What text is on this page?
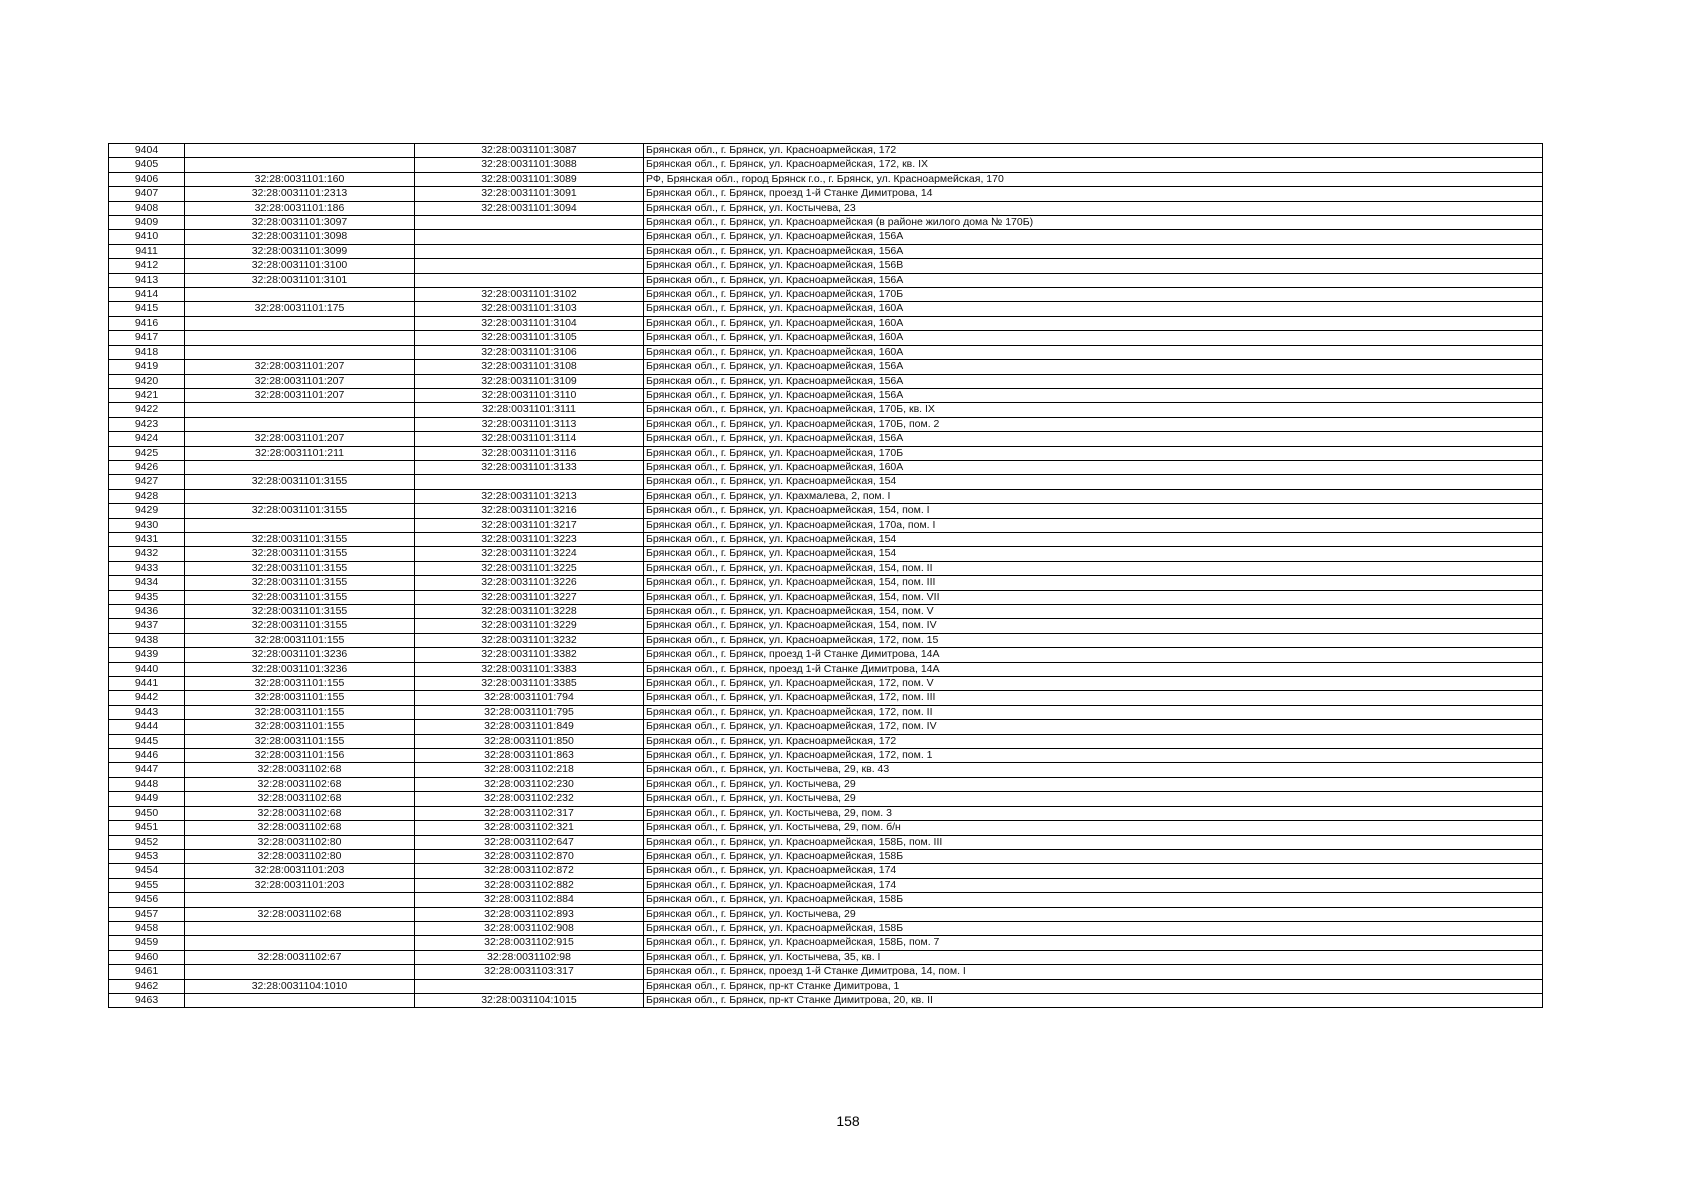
9404		32:28:0031101:3087	Брянская обл., г. Брянск, ул. Красноармейская, 172
9405		32:28:0031101:3088	Брянская обл., г. Брянск, ул. Красноармейская, 172, кв. IX
9406	32:28:0031101:160	32:28:0031101:3089	РФ, Брянская обл., город Брянск г.о., г. Брянск, ул. Красноармейская, 170
9407	32:28:0031101:2313	32:28:0031101:3091	Брянская обл., г. Брянск, проезд 1-й Станке Димитрова, 14
9408	32:28:0031101:186	32:28:0031101:3094	Брянская обл., г. Брянск, ул. Костычева, 23
9409	32:28:0031101:3097		Брянская обл., г. Брянск, ул. Красноармейская (в районе жилого дома № 170Б)
9410	32:28:0031101:3098		Брянская обл., г. Брянск, ул. Красноармейская, 156А
9411	32:28:0031101:3099		Брянская обл., г. Брянск, ул. Красноармейская, 156А
9412	32:28:0031101:3100		Брянская обл., г. Брянск, ул. Красноармейская, 156В
9413	32:28:0031101:3101		Брянская обл., г. Брянск, ул. Красноармейская, 156А
9414		32:28:0031101:3102	Брянская обл., г. Брянск, ул. Красноармейская, 170Б
9415	32:28:0031101:175	32:28:0031101:3103	Брянская обл., г. Брянск, ул. Красноармейская, 160А
9416		32:28:0031101:3104	Брянская обл., г. Брянск, ул. Красноармейская, 160А
9417		32:28:0031101:3105	Брянская обл., г. Брянск, ул. Красноармейская, 160А
9418		32:28:0031101:3106	Брянская обл., г. Брянск, ул. Красноармейская, 160А
9419	32:28:0031101:207	32:28:0031101:3108	Брянская обл., г. Брянск, ул. Красноармейская, 156А
9420	32:28:0031101:207	32:28:0031101:3109	Брянская обл., г. Брянск, ул. Красноармейская, 156А
9421	32:28:0031101:207	32:28:0031101:3110	Брянская обл., г. Брянск, ул. Красноармейская, 156А
9422		32:28:0031101:3111	Брянская обл., г. Брянск, ул. Красноармейская, 170Б, кв. IX
9423		32:28:0031101:3113	Брянская обл., г. Брянск, ул. Красноармейская, 170Б, пом. 2
9424	32:28:0031101:207	32:28:0031101:3114	Брянская обл., г. Брянск, ул. Красноармейская, 156А
9425	32:28:0031101:211	32:28:0031101:3116	Брянская обл., г. Брянск, ул. Красноармейская, 170Б
9426		32:28:0031101:3133	Брянская обл., г. Брянск, ул. Красноармейская, 160А
9427	32:28:0031101:3155		Брянская обл., г. Брянск, ул. Красноармейская, 154
9428		32:28:0031101:3213	Брянская обл., г. Брянск, ул. Крахмалева, 2, пом. I
9429	32:28:0031101:3155	32:28:0031101:3216	Брянская обл., г. Брянск, ул. Красноармейская, 154, пом. I
9430		32:28:0031101:3217	Брянская обл., г. Брянск, ул. Красноармейская, 170а, пом. I
9431	32:28:0031101:3155	32:28:0031101:3223	Брянская обл., г. Брянск, ул. Красноармейская, 154
9432	32:28:0031101:3155	32:28:0031101:3224	Брянская обл., г. Брянск, ул. Красноармейская, 154
9433	32:28:0031101:3155	32:28:0031101:3225	Брянская обл., г. Брянск, ул. Красноармейская, 154, пом. II
9434	32:28:0031101:3155	32:28:0031101:3226	Брянская обл., г. Брянск, ул. Красноармейская, 154, пом. III
9435	32:28:0031101:3155	32:28:0031101:3227	Брянская обл., г. Брянск, ул. Красноармейская, 154, пом. VII
9436	32:28:0031101:3155	32:28:0031101:3228	Брянская обл., г. Брянск, ул. Красноармейская, 154, пом. V
9437	32:28:0031101:3155	32:28:0031101:3229	Брянская обл., г. Брянск, ул. Красноармейская, 154, пом. IV
9438	32:28:0031101:155	32:28:0031101:3232	Брянская обл., г. Брянск, ул. Красноармейская, 172, пом. 15
9439	32:28:0031101:3236	32:28:0031101:3382	Брянская обл., г. Брянск, проезд 1-й Станке Димитрова, 14А
9440	32:28:0031101:3236	32:28:0031101:3383	Брянская обл., г. Брянск, проезд 1-й Станке Димитрова, 14А
9441	32:28:0031101:155	32:28:0031101:3385	Брянская обл., г. Брянск, ул. Красноармейская, 172, пом. V
9442	32:28:0031101:155	32:28:0031101:794	Брянская обл., г. Брянск, ул. Красноармейская, 172, пом. III
9443	32:28:0031101:155	32:28:0031101:795	Брянская обл., г. Брянск, ул. Красноармейская, 172, пом. II
9444	32:28:0031101:155	32:28:0031101:849	Брянская обл., г. Брянск, ул. Красноармейская, 172, пом. IV
9445	32:28:0031101:155	32:28:0031101:850	Брянская обл., г. Брянск, ул. Красноармейская, 172
9446	32:28:0031101:156	32:28:0031101:863	Брянская обл., г. Брянск, ул. Красноармейская, 172, пом. 1
9447	32:28:0031102:68	32:28:0031102:218	Брянская обл., г. Брянск, ул. Костычева, 29, кв. 43
9448	32:28:0031102:68	32:28:0031102:230	Брянская обл., г. Брянск, ул. Костычева, 29
9449	32:28:0031102:68	32:28:0031102:232	Брянская обл., г. Брянск, ул. Костычева, 29
9450	32:28:0031102:68	32:28:0031102:317	Брянская обл., г. Брянск, ул. Костычева, 29, пом. 3
9451	32:28:0031102:68	32:28:0031102:321	Брянская обл., г. Брянск, ул. Костычева, 29, пом. б/н
9452	32:28:0031102:80	32:28:0031102:647	Брянская обл., г. Брянск, ул. Красноармейская, 158Б, пом. III
9453	32:28:0031102:80	32:28:0031102:870	Брянская обл., г. Брянск, ул. Красноармейская, 158Б
9454	32:28:0031101:203	32:28:0031102:872	Брянская обл., г. Брянск, ул. Красноармейская, 174
9455	32:28:0031101:203	32:28:0031102:882	Брянская обл., г. Брянск, ул. Красноармейская, 174
9456		32:28:0031102:884	Брянская обл., г. Брянск, ул. Красноармейская, 158Б
9457	32:28:0031102:68	32:28:0031102:893	Брянская обл., г. Брянск, ул. Костычева, 29
9458		32:28:0031102:908	Брянская обл., г. Брянск, ул. Красноармейская, 158Б
9459		32:28:0031102:915	Брянская обл., г. Брянск, ул. Красноармейская, 158Б, пом. 7
9460	32:28:0031102:67	32:28:0031102:98	Брянская обл., г. Брянск, ул. Костычева, 35, кв. I
9461		32:28:0031103:317	Брянская обл., г. Брянск, проезд 1-й Станке Димитрова, 14, пом. I
9462	32:28:0031104:1010		Брянская обл., г. Брянск, пр-кт Станке Димитрова, 1
9463		32:28:0031104:1015	Брянская обл., г. Брянск, пр-кт Станке Димитрова, 20, кв. II
158
